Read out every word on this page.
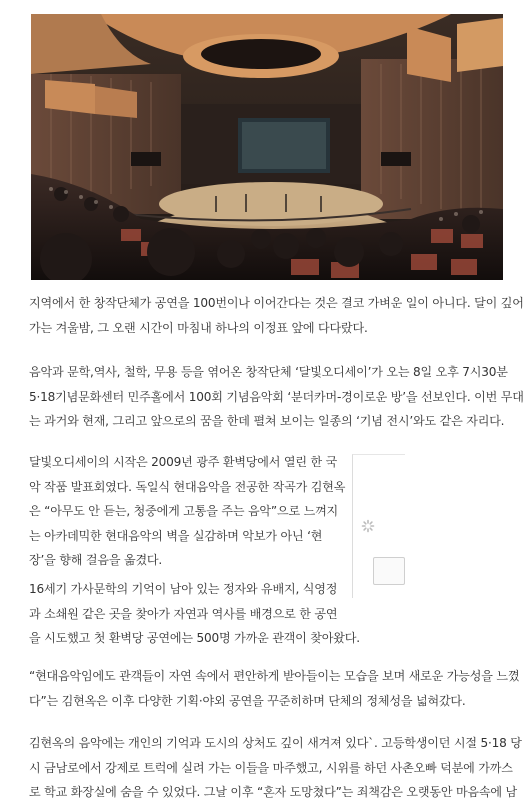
지역에서 한 창작단체가 공연을 100번이나 이어간다는 것은 결코 가벼운 일이 아니다. 달이 깊어
가는 겨울밤, 그 오랜 시간이 마침내 하나의 이정표 앞에 다다랐다.
음악과 문학,역사, 철학, 무용 등을 엮어온 창작단체 ‘달빛오디세이’가 오는 8일 오후 7시30분
5·18기념문화센터 민주홀에서 100회 기념음악회 ‘분더카머-경이로운 방’을 선보인다. 이번 무대
는 과거와 현재, 그리고 앞으로의 꿈을 한데 펼쳐 보이는 일종의 ‘기념 전시’와도 같은 자리다.
달빛오디세이의 시작은 2009년 광주 환벽당에서 열린 한 국
악 작품 발표회였다. 독일식 현대음악을 전공한 작곡가 김현옥
은 “아무도 안 듣는, 청중에게 고통을 주는 음악”으로 느껴지
는 아카데믹한 현대음악의 벽을 실감하며 악보가 아닌 ‘현
장’을 향해 걸음을 옮겼다.
16세기 가사문학의 기억이 남아 있는 정자와 유배지, 식영정
과 소쇄원 같은 곳을 찾아가 자연과 역사를 배경으로 한 공연
을 시도했고 첫 환벽당 공연에는 500명 가까운 관객이 찾아왔다.
“현대음악임에도 관객들이 자연 속에서 편안하게 받아들이는 모습을 보며 새로운 가능성을 느꼈
다”는 김현옥은 이후 다양한 기획·야외 공연을 꾸준히하며 단체의 정체성을 넓혀갔다.
김현옥의 음악에는 개인의 기억과 도시의 상처도 깊이 새겨져 있다`. 고등학생이던 시절 5·18 당
시 금남로에서 강제로 트럭에 실려 가는 이들을 마주했고, 시위를 하던 사촌오빠 덕분에 가까스
로 학교 화장실에 숨을 수 있었다. 그날 이후 “혼자 도망쳤다”는 죄책감은 오랫동안 마음속에 남
